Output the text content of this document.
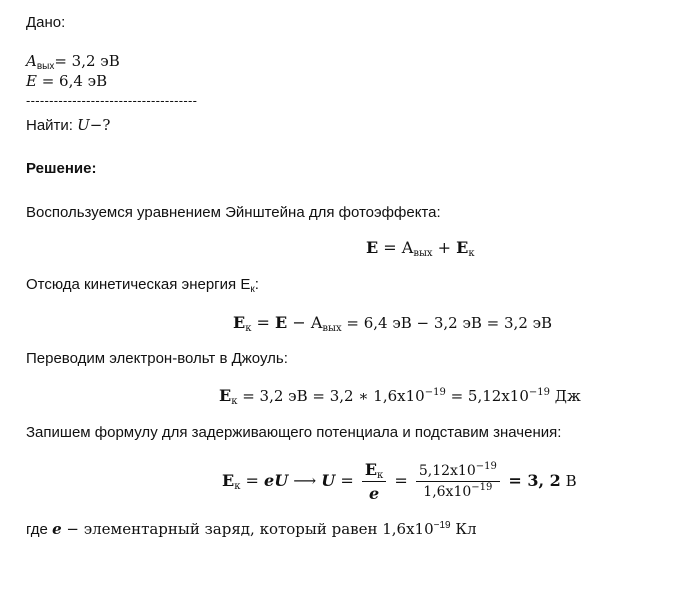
Дано:
$A_{вых}= 3,2$ эВ
E = 6,4 эВ
-------------------------------------
Найти: U−?
Решение:
Воспользуемся уравнением Эйнштейна для фотоэффекта:
$E = A_{вых} + E_к$
Отсюда кинетическая энергия $E_к$:
$E_к = E - A_{вых} = 6,4$ эВ − 3,2 эВ = 3,2 эВ
Переводим электрон-вольт в Джоуль:
$E_к = 3,2$ эВ = 3,2 ∗ $1,6x10^{-19} = 5,12x10^{-19}$ Дж
Запишем формулу для задерживающего потенциала и подставим значения:
$E_к$ = eU ⟶ $U = \frac{E_к}{e} = \frac{5,12x10^{-19}}{1,6x10^{-19}} = 3$, 2 В
где e − элементарный заряд, который равен $1,6x10^{-19}$ Кл
